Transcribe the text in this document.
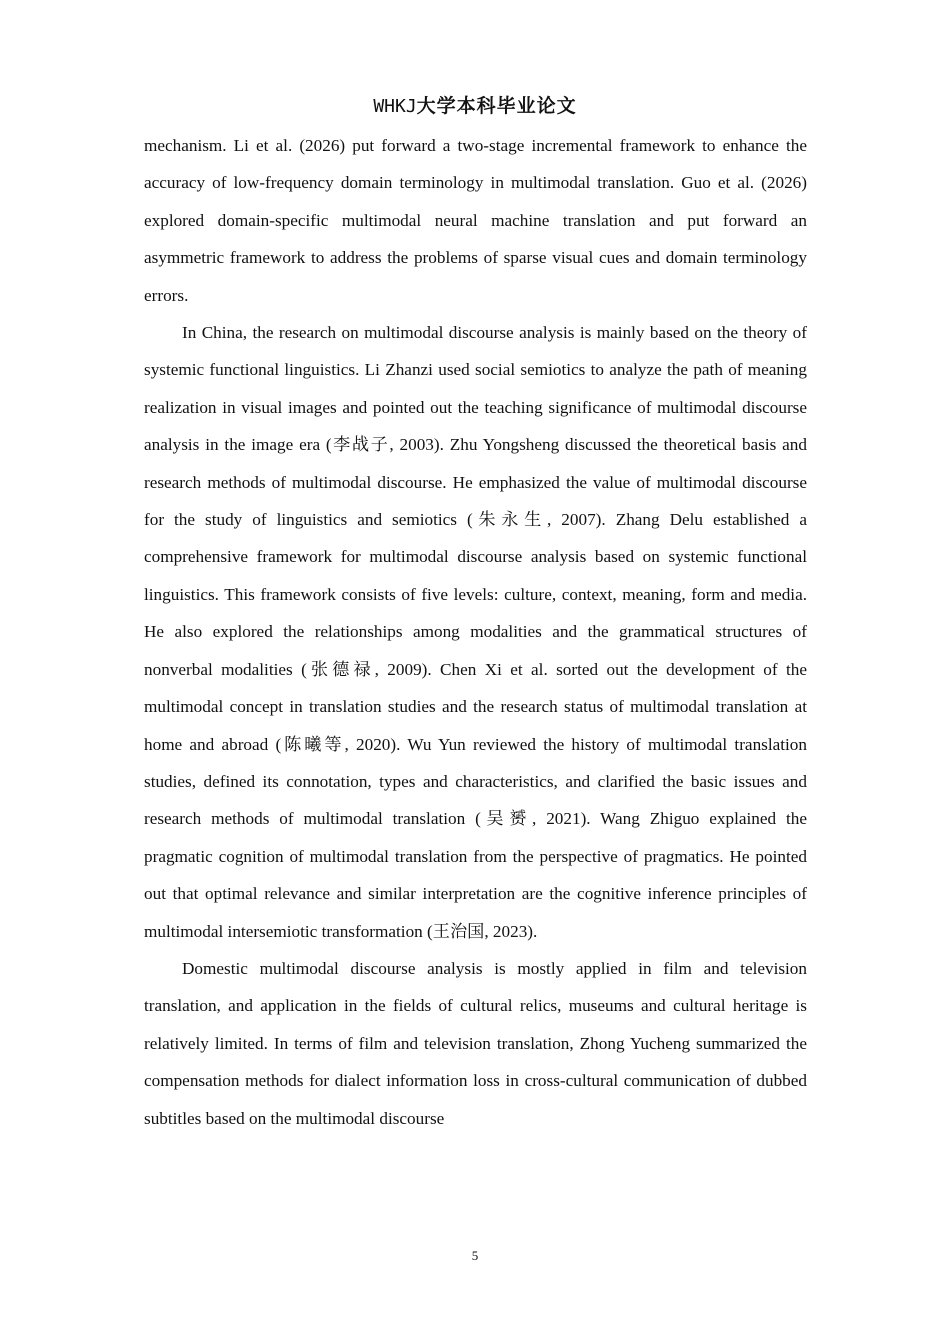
WHKJ大学本科毕业论文

mechanism. Li et al. (2026) put forward a two-stage incremental framework to enhance the accuracy of low-frequency domain terminology in multimodal translation. Guo et al. (2026) explored domain-specific multimodal neural machine translation and put forward an asymmetric framework to address the problems of sparse visual cues and domain terminology errors.

In China, the research on multimodal discourse analysis is mainly based on the theory of systemic functional linguistics. Li Zhanzi used social semiotics to analyze the path of meaning realization in visual images and pointed out the teaching significance of multimodal discourse analysis in the image era (李战子, 2003). Zhu Yongsheng discussed the theoretical basis and research methods of multimodal discourse. He emphasized the value of multimodal discourse for the study of linguistics and semiotics (朱永生, 2007). Zhang Delu established a comprehensive framework for multimodal discourse analysis based on systemic functional linguistics. This framework consists of five levels: culture, context, meaning, form and media. He also explored the relationships among modalities and the grammatical structures of nonverbal modalities (张德禄, 2009). Chen Xi et al. sorted out the development of the multimodal concept in translation studies and the research status of multimodal translation at home and abroad (陈曦等, 2020). Wu Yun reviewed the history of multimodal translation studies, defined its connotation, types and characteristics, and clarified the basic issues and research methods of multimodal translation (吴赟, 2021). Wang Zhiguo explained the pragmatic cognition of multimodal translation from the perspective of pragmatics. He pointed out that optimal relevance and similar interpretation are the cognitive inference principles of multimodal intersemiotic transformation (王治国, 2023).

Domestic multimodal discourse analysis is mostly applied in film and television translation, and application in the fields of cultural relics, museums and cultural heritage is relatively limited. In terms of film and television translation, Zhong Yucheng summarized the compensation methods for dialect information loss in cross-cultural communication of dubbed subtitles based on the multimodal discourse

5
